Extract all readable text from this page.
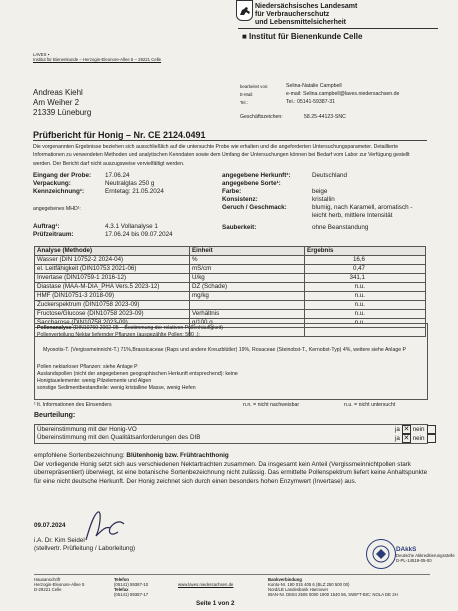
Niedersächsisches Landesamt
für Verbraucherschutz
und Lebensmittelsicherheit
■ Institut für Bienenkunde Celle
LAVES ▪
Institut für Bienenkunde – Herzogin-Eleonore-Allee 5 – 29221 Celle
Andreas Kiehl
Am Weiher 2
21339 Lüneburg
bearbeitet von:	Selina-Natalie Campbell
E-Mail:	e-mail: Selina.campbell@laves.niedersachsen.de
Tel.:	Tel.: 05141-59387-31
Geschäftszeichen:	58.25-44123-SNC
Prüfbericht für Honig – Nr. CE 2124.0491
Die vorgenannten Ergebnisse beziehen sich ausschließlich auf die untersuchte Probe wie erhalten und die angeforderten Untersuchungsparameter. Detaillierte Informationen zu verwendeten Methoden und analytischen Kenndaten sowie dem Umfang der Untersuchungen können bei Bedarf vom Labor zur Verfügung gestellt werden. Der Bericht darf nicht auszugsweise vervielfältigt werden.
Eingang der Probe: 17.06.24
Verpackung:	Neutralglas 250 g
Kennzeichnung¹:	Erntetag: 21.05.2024
angegebenes MHD¹:
Auftrag¹:	4.3.1 Vollanalyse 1
Prüfzeitraum:	17.06.24 bis 09.07.2024
angegebene Herkunft¹:	Deutschland
angegebene Sorte¹:
Farbe:	beige
Konsistenz:	kristallin
Geruch / Geschmack:	blumig, nach Karamell, aromatisch -
leicht herb, mittlere Intensität
Sauberkeit:	ohne Beanstandung
Analyse (Methode)	Einheit	Ergebnis
Wasser (DIN 10752-2 2024-04)	%	16,6
el. Leitfähigkeit (DIN10753 2021-06)	mS/cm	0,47
Invertase (DIN10759-1 2016-12)	U/kg	341,1
Diastase (MAA-M-DIA_PHA Vers.5 2023-12)	DZ (Schade)	n.u.
HMF (DIN10751-3 2018-09)	mg/kg	n.u.
Zuckerspektrum (DIN10758 2023-09)		n.u.
Fructose/Glucose (DIN10758 2023-09)	Verhältnis	n.u.
Saccharose (DIN10758 2023-09)	g/100 g	n.u.

Pollenanalyse (DIN10760 2002-05 – Bestimmung der relativen Pollenhäufigkeit)
Pollenverteilung Nektar liefernder Pflanzen (ausgezählte Pollen: 500 .):
Myosotis-T. (Vergissmeinnicht-T.) 71%,Brassicaceae (Raps und andere Kreuzblütler) 19%, Rosaceae (Steinobst-T., Kernobst-Typ) 4%, weitere siehe Anlage P
Pollen nektarloser Pflanzen: siehe Anlage P
Auslandspollen (nicht der angegebenen geographischen Herkunft entsprechend): keine
Honigtauelemente: wenig Pilzelemente und Algen
sonstige Sedimentbestandteile: wenig kristalline Masse, wenig Hefen
¹ lt. Informationen des Einsenders	n.n. = nicht nachweisbar	n.u. = nicht untersucht
Beurteilung:
Übereinstimmung mit der Honig-VO	ja ✕ nein
Übereinstimmung mit den Qualitätsanforderungen des DIB	ja ✕ nein
empfohlene Sortenbezeichnung: Blütenhonig bzw. Frühtrachthonig
Der vorliegende Honig setzt sich aus verschiedenen Nektartrachten zusammen. Da insgesamt kein Anteil (Vergissmeinnichtpollen stark überrepräsentiert) überwiegt, ist eine botanische Sortenbezeichnung nicht zulässig. Das ermittelte Pollenspektrum liefert keine Anhaltspunkte für eine nicht deutsche Herkunft. Der Honig zeichnet sich durch einen besonders hohen Enzymwert (Invertase) aus.
09.07.2024
i.A. Dr. Kim Seidel
(stellvertr. Prüfleitung / Laborleitung)	DAkkS
Deutsche Akkreditierungsstelle
D-PL-14519-05-00
Hausanschrift
Herzogin-Eleonore-Allee 5
D-29221 Celle
Telefon
(05141) 59387-10
Telefax
(05141) 59387-17
www.laves.niedersachsen.de
Bankverbindung
Konto-Nr. 190 015 405 6 (BLZ 250 500 00)
Nord/LB Landesbank Hannover
IBAN-Nr. DE84 2505 0000 1900 1540 56, SWIFT-BIC: NOLA DE 2H
Seite 1 von 2
